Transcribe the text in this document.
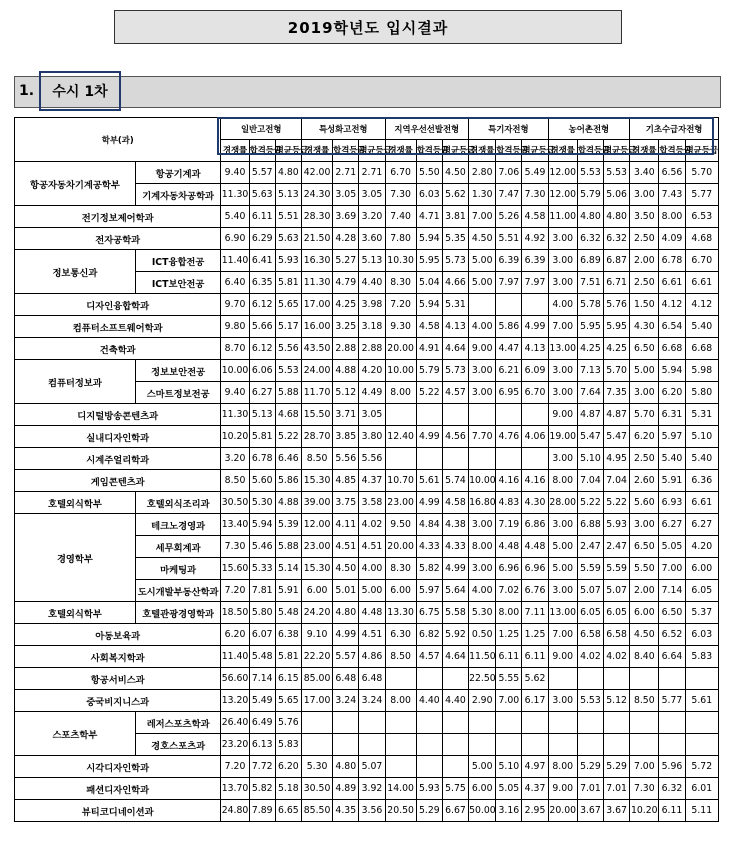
2019학년도 입시결과
1. 수시 1차
학부(과)		일반고전형			특성화고전형			지역우선선발전형			특기자전형			농어촌전형			기초수급자전형		
		경쟁률	합격등급	평균등급	경쟁률	합격등급	평균등급	경쟁률	합격등급	평균등급	경쟁률	합격등급	평균등급	경쟁률	합격등급	평균등급	경쟁률	합격등급	평균등급
항공자동차기계공학부	항공기계과	9.40	5.57	4.80	42.00	2.71	2.71	6.70	5.50	4.50	2.80	7.06	5.49	12.00	5.53	5.53	3.40	6.56	5.70
	기계자동차공학과	11.30	5.63	5.13	24.30	3.05	3.05	7.30	6.03	5.62	1.30	7.47	7.30	12.00	5.79	5.06	3.00	7.43	5.77
전기정보제어학과		5.40	6.11	5.51	28.30	3.69	3.20	7.40	4.71	3.81	7.00	5.26	4.58	11.00	4.80	4.80	3.50	8.00	6.53
전자공학과		6.90	6.29	5.63	21.50	4.28	3.60	7.80	5.94	5.35	4.50	5.51	4.92	3.00	6.32	6.32	2.50	4.09	4.68
정보통신과	ICT융합전공	11.40	6.41	5.93	16.30	5.27	5.13	10.30	5.95	5.73	5.00	6.39	6.39	3.00	6.89	6.87	2.00	6.78	6.70
	ICT보안전공	6.40	6.35	5.81	11.30	4.79	4.40	8.30	5.04	4.66	5.00	7.97	7.97	3.00	7.51	6.71	2.50	6.61	6.61
디자인융합학과		9.70	6.12	5.65	17.00	4.25	3.98	7.20	5.94	5.31				4.00	5.78	5.76	1.50	4.12	4.12
컴퓨터소프트웨어학과		9.80	5.66	5.17	16.00	3.25	3.18	9.30	4.58	4.13	4.00	5.86	4.99	7.00	5.95	5.95	4.30	6.54	5.40
건축학과		8.70	6.12	5.56	43.50	2.88	2.88	20.00	4.91	4.64	9.00	4.47	4.13	13.00	4.25	4.25	6.50	6.68	6.68
컴퓨터정보과	정보보안전공	10.00	6.06	5.53	24.00	4.88	4.20	10.00	5.79	5.73	3.00	6.21	6.09	3.00	7.13	5.70	5.00	5.94	5.98
	스마트정보전공	9.40	6.27	5.88	11.70	5.12	4.49	8.00	5.22	4.57	3.00	6.95	6.70	3.00	7.64	7.35	3.00	6.20	5.80
디지털방송콘텐츠과		11.30	5.13	4.68	15.50	3.71	3.05							9.00	4.87	4.87	5.70	6.31	5.31
실내디자인학과		10.20	5.81	5.22	28.70	3.85	3.80	12.40	4.99	4.56	7.70	4.76	4.06	19.00	5.47	5.47	6.20	5.97	5.10
시계주얼리학과		3.20	6.78	6.46	8.50	5.56	5.56							3.00	5.10	4.95	2.50	5.40	5.40
게임콘텐츠과		8.50	5.60	5.86	15.30	4.85	4.37	10.70	5.61	5.74	10.00	4.16	4.16	8.00	7.04	7.04	2.60	5.91	6.36
호텔외식학부	호텔외식조리과	30.50	5.30	4.88	39.00	3.75	3.58	23.00	4.99	4.58	16.80	4.83	4.30	28.00	5.22	5.22	5.60	6.93	6.61
경영학부	테크노경영과	13.40	5.94	5.39	12.00	4.11	4.02	9.50	4.84	4.38	3.00	7.19	6.86	3.00	6.88	5.93	3.00	6.27	6.27
	세무회계과	7.30	5.46	5.88	23.00	4.51	4.51	20.00	4.33	4.33	8.00	4.48	4.48	5.00	2.47	2.47	6.50	5.05	4.20
	마케팅과	15.60	5.33	5.14	15.30	4.50	4.00	8.30	5.82	4.99	3.00	6.96	6.96	5.00	5.59	5.59	5.50	7.00	6.00
	도시개발부동산학과	7.20	7.81	5.91	6.00	5.01	5.00	6.00	5.97	5.64	4.00	7.02	6.76	3.00	5.07	5.07	2.00	7.14	6.05
호텔외식학부	호텔관광경영학과	18.50	5.80	5.48	24.20	4.80	4.48	13.30	6.75	5.58	5.30	8.00	7.11	13.00	6.05	6.05	6.00	6.50	5.37
아동보육과		6.20	6.07	6.38	9.10	4.99	4.51	6.30	6.82	5.92	0.50	1.25	1.25	7.00	6.58	6.58	4.50	6.52	6.03
사회복지학과		11.40	5.48	5.81	22.20	5.57	4.86	8.50	4.57	4.64	11.50	6.11	6.11	9.00	4.02	4.02	8.40	6.64	5.83
항공서비스과		56.60	7.14	6.15	85.00	6.48	6.48				22.50	5.55	5.62						
중국비지니스과		13.20	5.49	5.65	17.00	3.24	3.24	8.00	4.40	4.40	2.90	7.00	6.17	3.00	5.53	5.12	8.50	5.77	5.61
스포츠학부	레저스포츠학과	26.40	6.49	5.76															
	경호스포츠과	23.20	6.13	5.83															
시각디자인학과		7.20	7.72	6.20	5.30	4.80	5.07				5.00	5.10	4.97	8.00	5.29	5.29	7.00	5.96	5.72
패션디자인학과		13.70	5.82	5.18	30.50	4.89	3.92	14.00	5.93	5.75	6.00	5.05	4.37	9.00	7.01	7.01	7.30	6.32	6.01
뷰티코디네이션과		24.80	7.89	6.65	85.50	4.35	3.56	20.50	5.29	6.67	50.00	3.16	2.95	20.00	3.67	3.67	10.20	6.11	5.11
